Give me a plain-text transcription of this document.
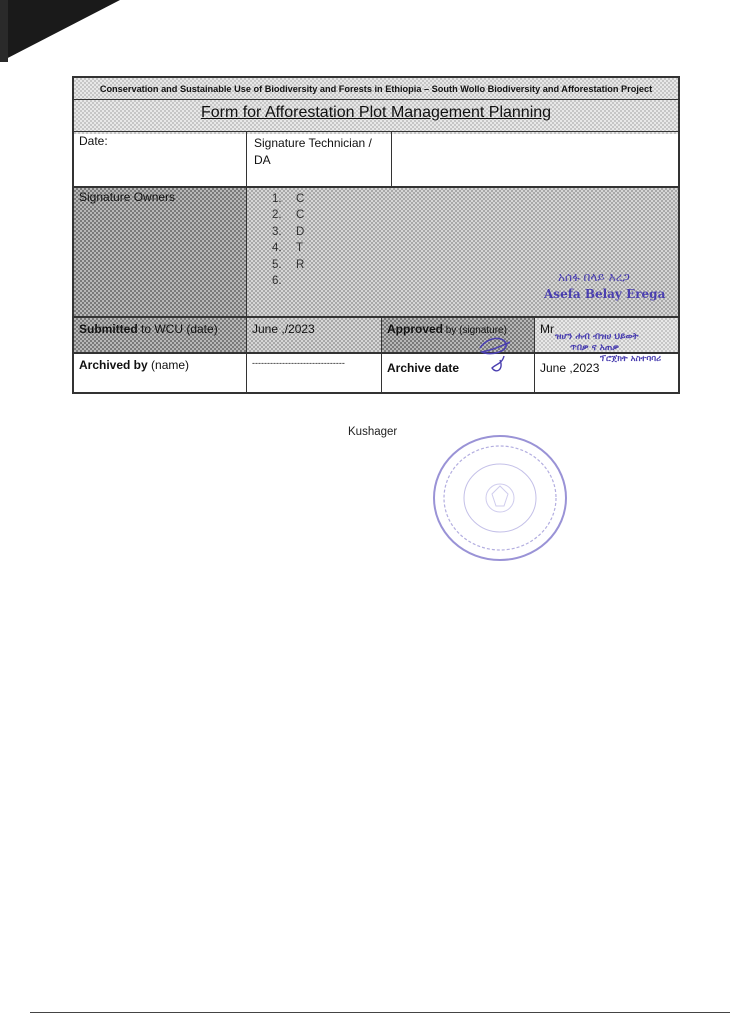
Conservation and Sustainable Use of Biodiversity and Forests in Ethiopia – South Wollo Biodiversity and Afforestation Project
Form for Afforestation Plot Management Planning
Date:	Signature Technician /
DA
Signature Owners	1. C
2. C
3. D
4. T
5. R
6.
Submitted to WCU (date)	June ,/2023	Approved by (signature)	Mr
Archived by (name)	-------------------------------	Archive date	June ,2023
አሰፋ በላይ እረጋ
Asefa Belay Erega
ዝሆን ሐብ ብዝሀ ህይወት
ጥበቃ ና አጠቃ
ፕሮጀክት አስተባባሪ
Kushager
